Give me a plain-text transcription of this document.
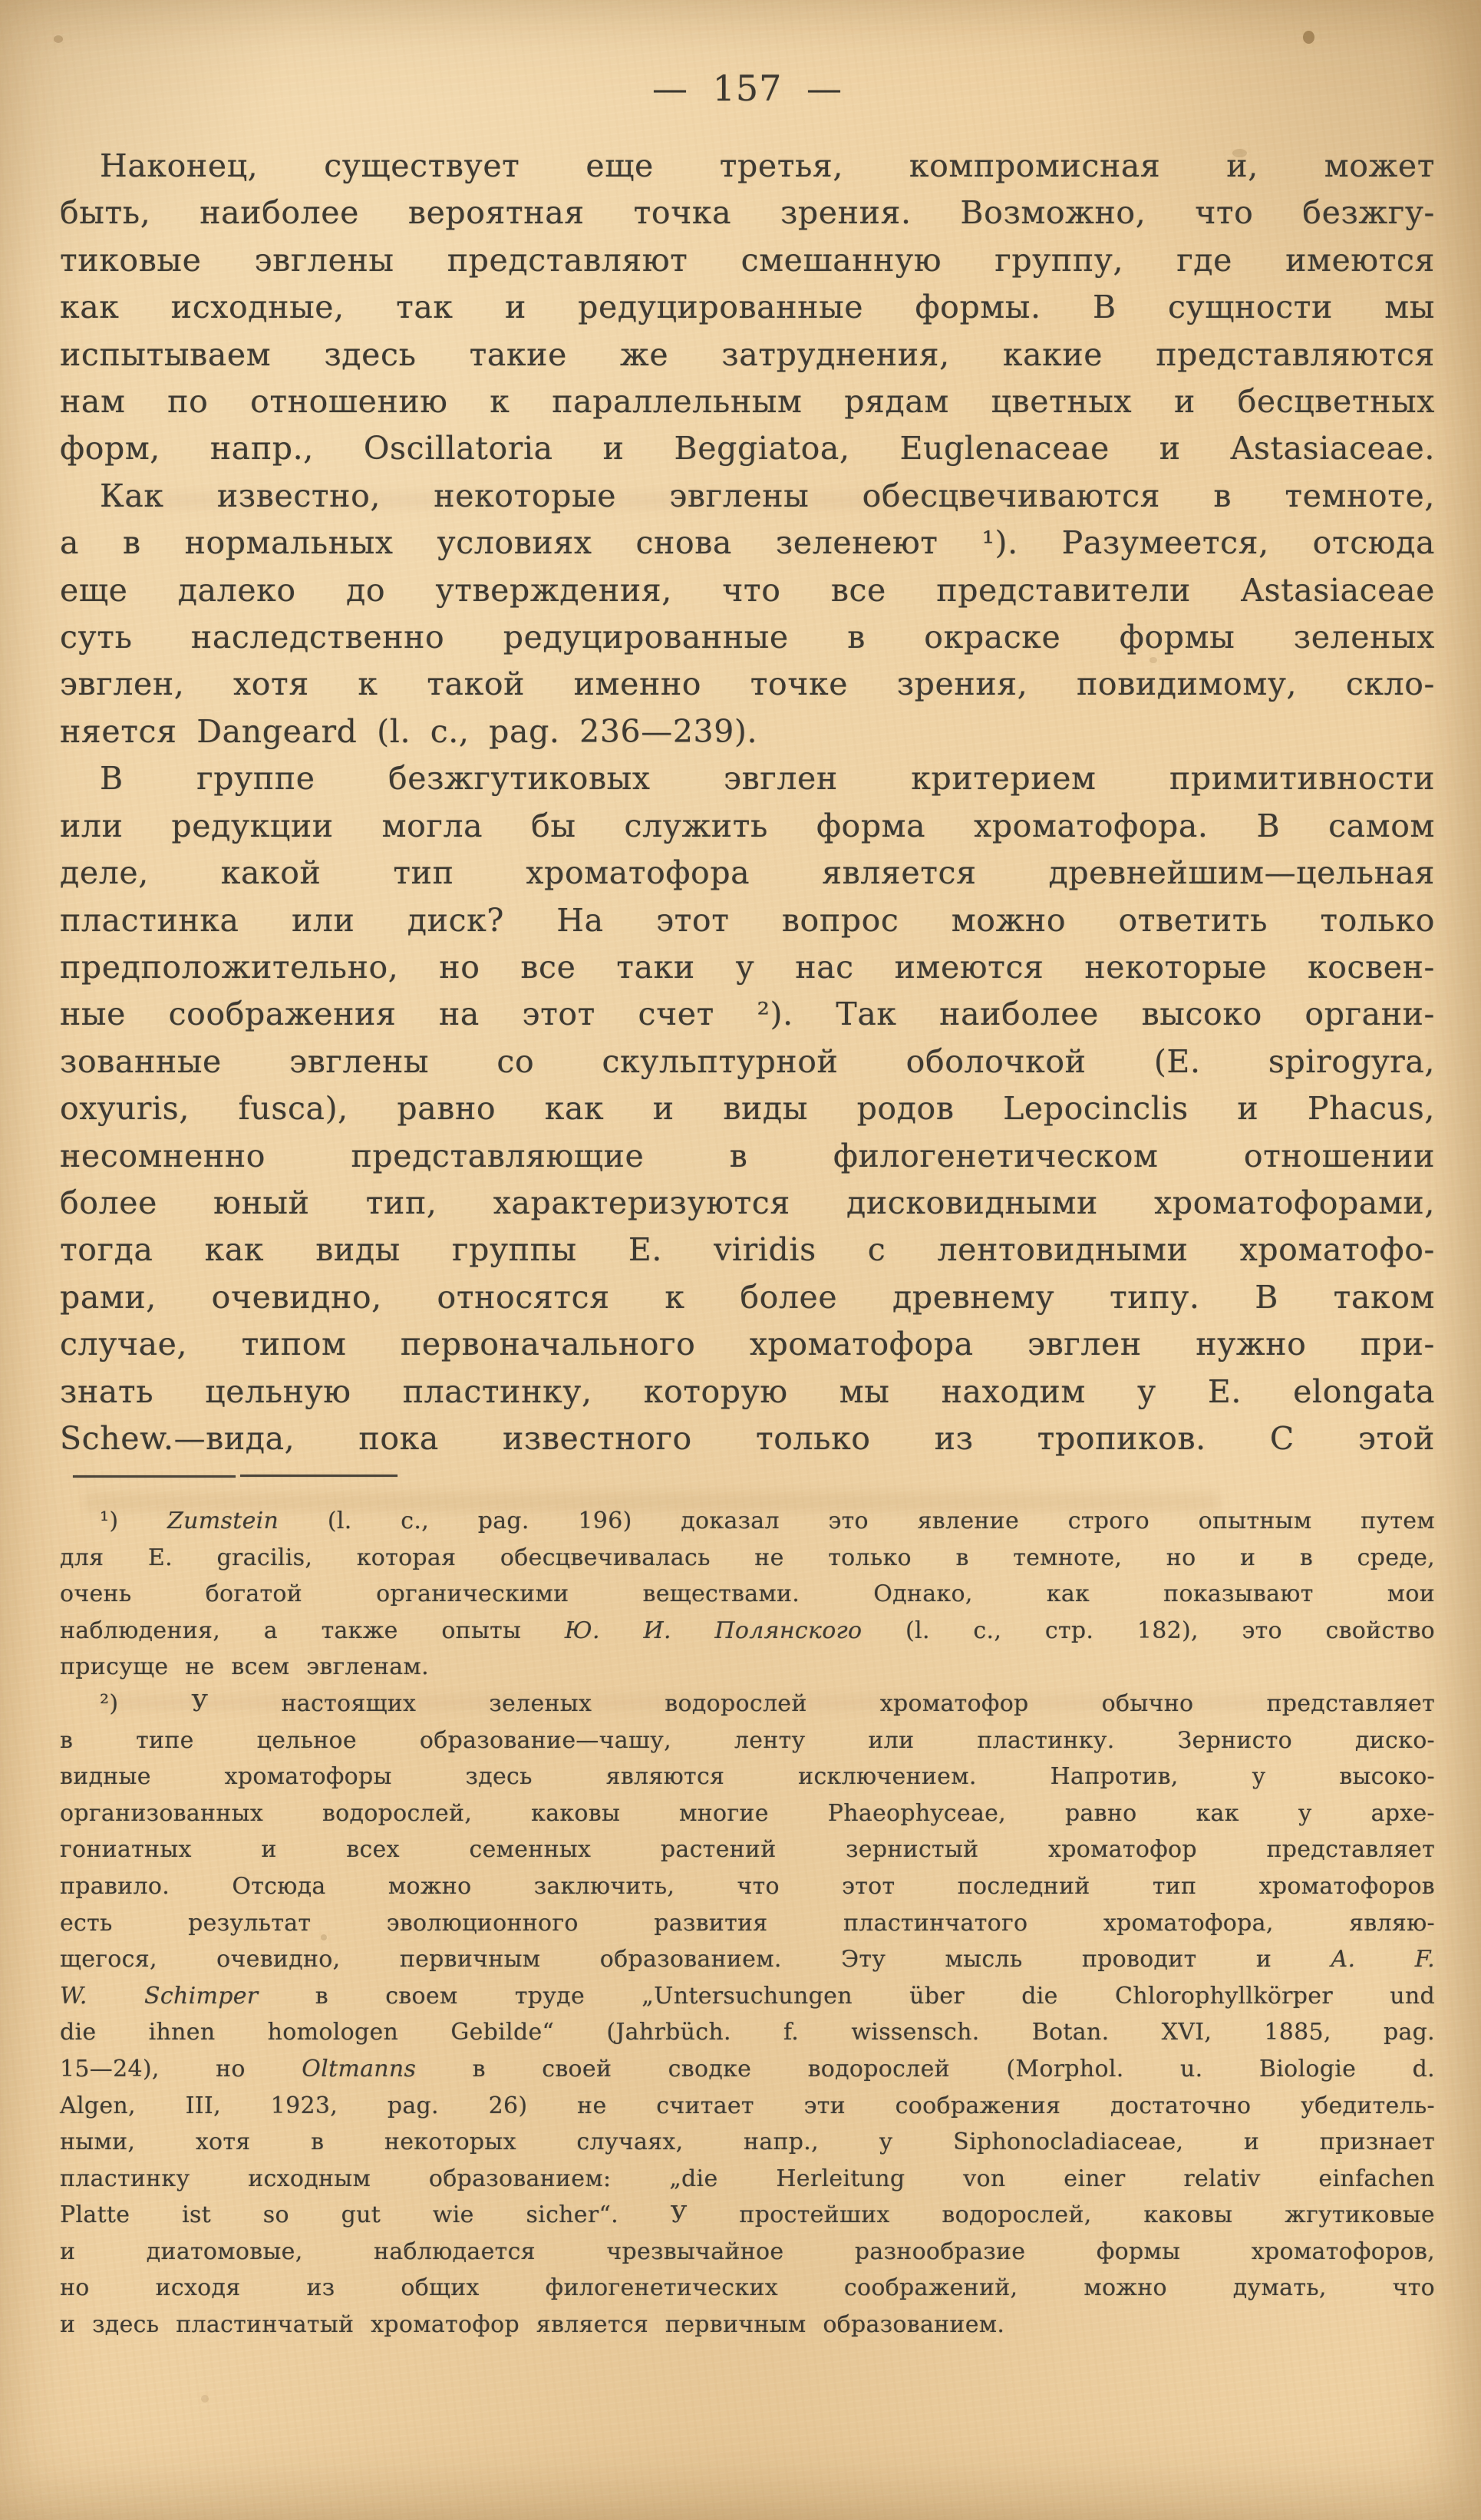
— 157 —
Наконец, существует еще третья, компромисная и, может
быть, наиболее вероятная точка зрения. Возможно, что безжгу-
тиковые эвглены представляют смешанную группу, где имеются
как исходные, так и редуцированные формы. В сущности мы
испытываем здесь такие же затруднения, какие представляются
нам по отношению к параллельным рядам цветных и бесцветных
форм, напр., Oscillatoria и Beggiatoa, Euglenaceae и Astasiaceae.
Как известно, некоторые эвглены обесцвечиваются в темноте,
а в нормальных условиях снова зеленеют ¹). Разумеется, отсюда
еще далеко до утверждения, что все представители Astasiaceae
суть наследственно редуцированные в окраске формы зеленых
эвглен, хотя к такой именно точке зрения, повидимому, скло-
няется Dangeard (l. c., pag. 236—239).
В группе безжгутиковых эвглен критерием примитивности
или редукции могла бы служить форма хроматофора. В самом
деле, какой тип хроматофора является древнейшим—цельная
пластинка или диск? На этот вопрос можно ответить только
предположительно, но все таки у нас имеются некоторые косвен-
ные соображения на этот счет ²). Так наиболее высоко органи-
зованные эвглены со скульптурной оболочкой (E. spirogyra,
oxyuris, fusca), равно как и виды родов Lepocinclis и Phacus,
несомненно представляющие в филогенетическом отношении
более юный тип, характеризуются дисковидными хроматофорами,
тогда как виды группы E. viridis с лентовидными хроматофо-
рами, очевидно, относятся к более древнему типу. В таком
случае, типом первоначального хроматофора эвглен нужно при-
знать цельную пластинку, которую мы находим у E. elongata
Schew.—вида, пока известного только из тропиков. С этой
¹) Zumstein (l. c., pag. 196) доказал это явление строго опытным путем
для E. gracilis, которая обесцвечивалась не только в темноте, но и в среде,
очень богатой органическими веществами. Однако, как показывают мои
наблюдения, а также опыты Ю. И. Полянского (l. c., стр. 182), это свойство
присуще не всем эвгленам.
²) У настоящих зеленых водорослей хроматофор обычно представляет
в типе цельное образование—чашу, ленту или пластинку. Зернисто диско-
видные хроматофоры здесь являются исключением. Напротив, у высоко-
организованных водорослей, каковы многие Phaeophyceae, равно как у архе-
гониатных и всех семенных растений зернистый хроматофор представляет
правило. Отсюда можно заключить, что этот последний тип хроматофоров
есть результат эволюционного развития пластинчатого хроматофора, являю-
щегося, очевидно, первичным образованием. Эту мысль проводит и A. F.
W. Schimper в своем труде „Untersuchungen über die Chlorophyllkörper und
die ihnen homologen Gebilde“ (Jahrbüch. f. wissensch. Botan. XVI, 1885, pag.
15—24), но Oltmanns в своей сводке водорослей (Morphol. u. Biologie d.
Algen, III, 1923, pag. 26) не считает эти соображения достаточно убедитель-
ными, хотя в некоторых случаях, напр., у Siphonocladiaceae, и признает
пластинку исходным образованием: „die Herleitung von einer relativ einfachen
Platte ist so gut wie sicher“. У простейших водорослей, каковы жгутиковые
и диатомовые, наблюдается чрезвычайное разнообразие формы хроматофоров,
но исходя из общих филогенетических соображений, можно думать, что
и здесь пластинчатый хроматофор является первичным образованием.
